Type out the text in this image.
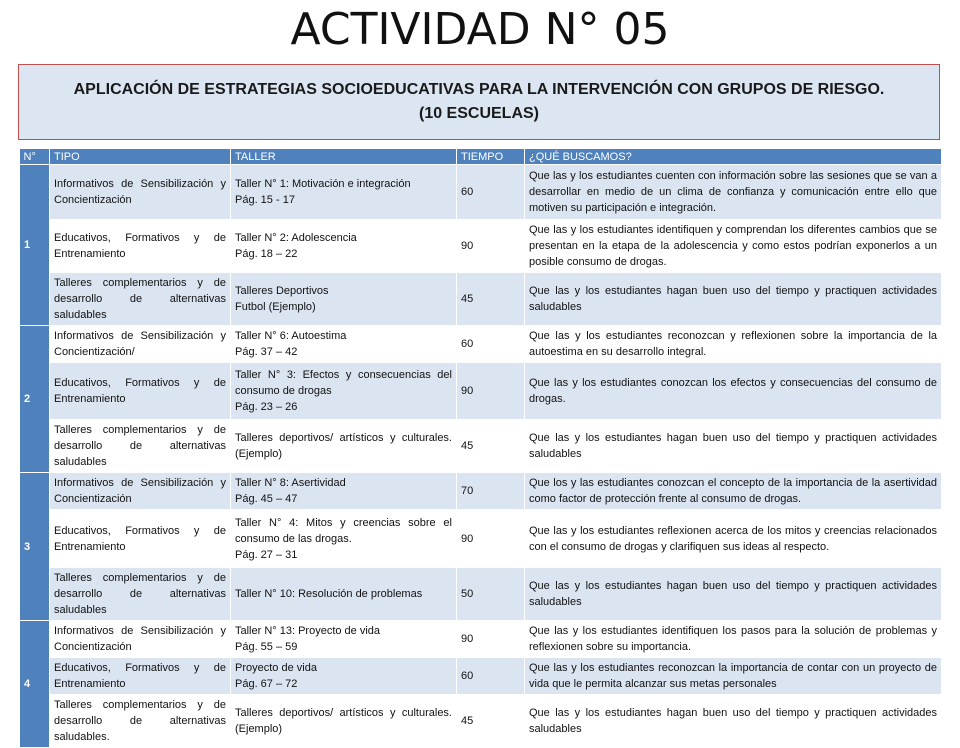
ACTIVIDAD N° 05
APLICACIÓN DE ESTRATEGIAS SOCIOEDUCATIVAS PARA LA INTERVENCIÓN CON GRUPOS DE RIESGO.
(10 ESCUELAS)
N°	TIPO	TALLER	TIEMPO	¿QUÉ BUSCAMOS?
1	Informativos de Sensibilización y Concientización	Taller N° 1: Motivación e integración
Pág. 15 - 17	60	Que las y los estudiantes cuenten con información sobre las sesiones que se van a desarrollar en medio de un clima de confianza y comunicación entre ello que motiven su participación e integración.
	Educativos, Formativos y de Entrenamiento	Taller N° 2: Adolescencia
Pág. 18 – 22	90	Que las y los estudiantes identifiquen y comprendan los diferentes cambios que se presentan en la etapa de la adolescencia y como estos podrían exponerlos a un posible consumo de drogas.
	Talleres complementarios y de desarrollo de alternativas saludables	Talleres Deportivos
Futbol (Ejemplo)	45	Que las y los estudiantes hagan buen uso del tiempo y practiquen actividades saludables
2	Informativos de Sensibilización y Concientización/	Taller N° 6: Autoestima
Pág. 37 – 42	60	Que las y los estudiantes reconozcan y reflexionen sobre la importancia de la autoestima en su desarrollo integral.
	Educativos, Formativos y de Entrenamiento	Taller N° 3: Efectos y consecuencias del consumo de drogas
Pág. 23 – 26	90	Que las y los estudiantes conozcan los efectos y consecuencias del consumo de drogas.
	Talleres complementarios y de desarrollo de alternativas saludables	Talleres deportivos/ artísticos y culturales. (Ejemplo)	45	Que las y los estudiantes hagan buen uso del tiempo y practiquen actividades saludables
3	Informativos de Sensibilización y Concientización	Taller N° 8: Asertividad
Pág. 45 – 47	70	Que los y las estudiantes conozcan el concepto de la importancia de la asertividad como factor de protección frente al consumo de drogas.
	Educativos, Formativos y de Entrenamiento	Taller N° 4: Mitos y creencias sobre el consumo de las drogas.
Pág. 27 – 31	90	Que las y los estudiantes reflexionen acerca de los mitos y creencias relacionados con el consumo de drogas y clarifiquen sus ideas al respecto.
	Talleres complementarios y de desarrollo de alternativas saludables	Taller N° 10: Resolución de problemas	50	Que las y los estudiantes hagan buen uso del tiempo y practiquen actividades saludables
4	Informativos de Sensibilización y Concientización	Taller N° 13: Proyecto de vida
Pág. 55 – 59	90	Que las y los estudiantes identifiquen los pasos para la solución de problemas y reflexionen sobre su importancia.
	Educativos, Formativos y de Entrenamiento	Proyecto de vida
Pág. 67 – 72	60	Que las y los estudiantes reconozcan la importancia de contar con un proyecto de vida que le permita alcanzar sus metas personales
	Talleres complementarios y de desarrollo de alternativas saludables.	Talleres deportivos/ artísticos y culturales. (Ejemplo)	45	Que las y los estudiantes hagan buen uso del tiempo y practiquen actividades saludables
